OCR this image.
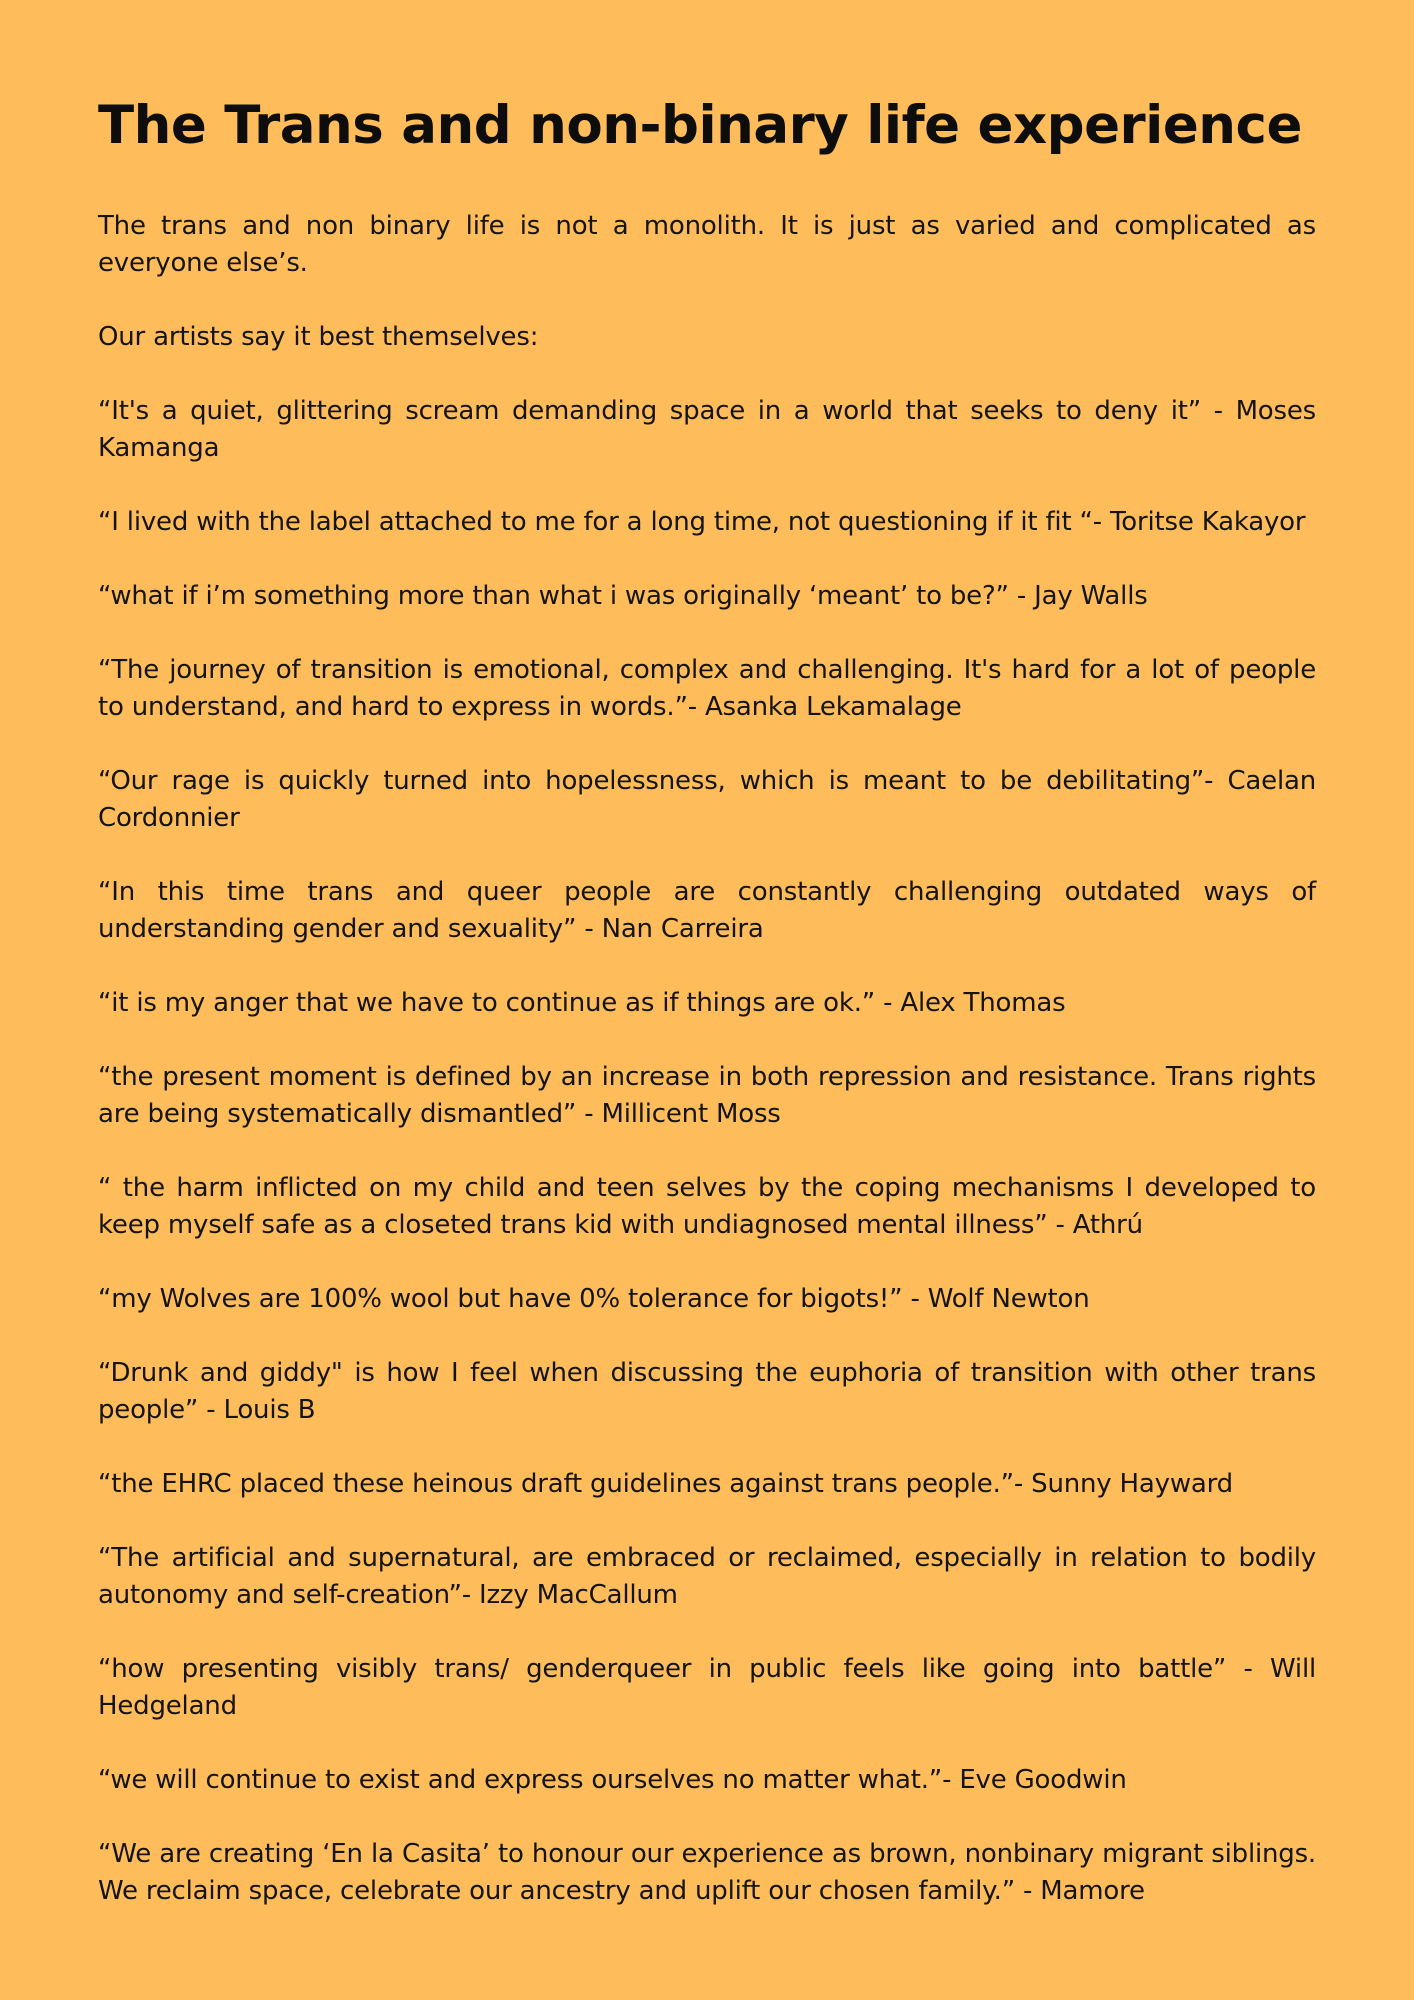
The Trans and non-binary life experience

The trans and non binary life is not a monolith. It is just as varied and complicated as everyone else’s.

Our artists say it best themselves:

“It's a quiet, glittering scream demanding space in a world that seeks to deny it” - Moses Kamanga

“I lived with the label attached to me for a long time, not questioning if it fit “- Toritse Kakayor

“what if i’m something more than what i was originally ‘meant’ to be?” - Jay Walls

“The journey of transition is emotional, complex and challenging. It's hard for a lot of people to understand, and hard to express in words.”- Asanka Lekamalage

“Our rage is quickly turned into hopelessness, which is meant to be debilitating”- Caelan Cordonnier

“In this time trans and queer people are constantly challenging outdated ways of understanding gender and sexuality” - Nan Carreira

“it is my anger that we have to continue as if things are ok.” - Alex Thomas

“the present moment is defined by an increase in both repression and resistance. Trans rights are being systematically dismantled” - Millicent Moss

“ the harm inflicted on my child and teen selves by the coping mechanisms I developed to keep myself safe as a closeted trans kid with undiagnosed mental illness” - Athrú

“my Wolves are 100% wool but have 0% tolerance for bigots!” - Wolf Newton

“Drunk and giddy" is how I feel when discussing the euphoria of transition with other trans people” - Louis B

“the EHRC placed these heinous draft guidelines against trans people.”- Sunny Hayward

“The artificial and supernatural, are embraced or reclaimed, especially in relation to bodily autonomy and self-creation”- Izzy MacCallum

“how presenting visibly trans/ genderqueer in public feels like going into battle” - Will Hedgeland

“we will continue to exist and express ourselves no matter what.”- Eve Goodwin

“We are creating ‘En la Casita’ to honour our experience as brown, nonbinary migrant siblings. We reclaim space, celebrate our ancestry and uplift our chosen family.” - Mamore
